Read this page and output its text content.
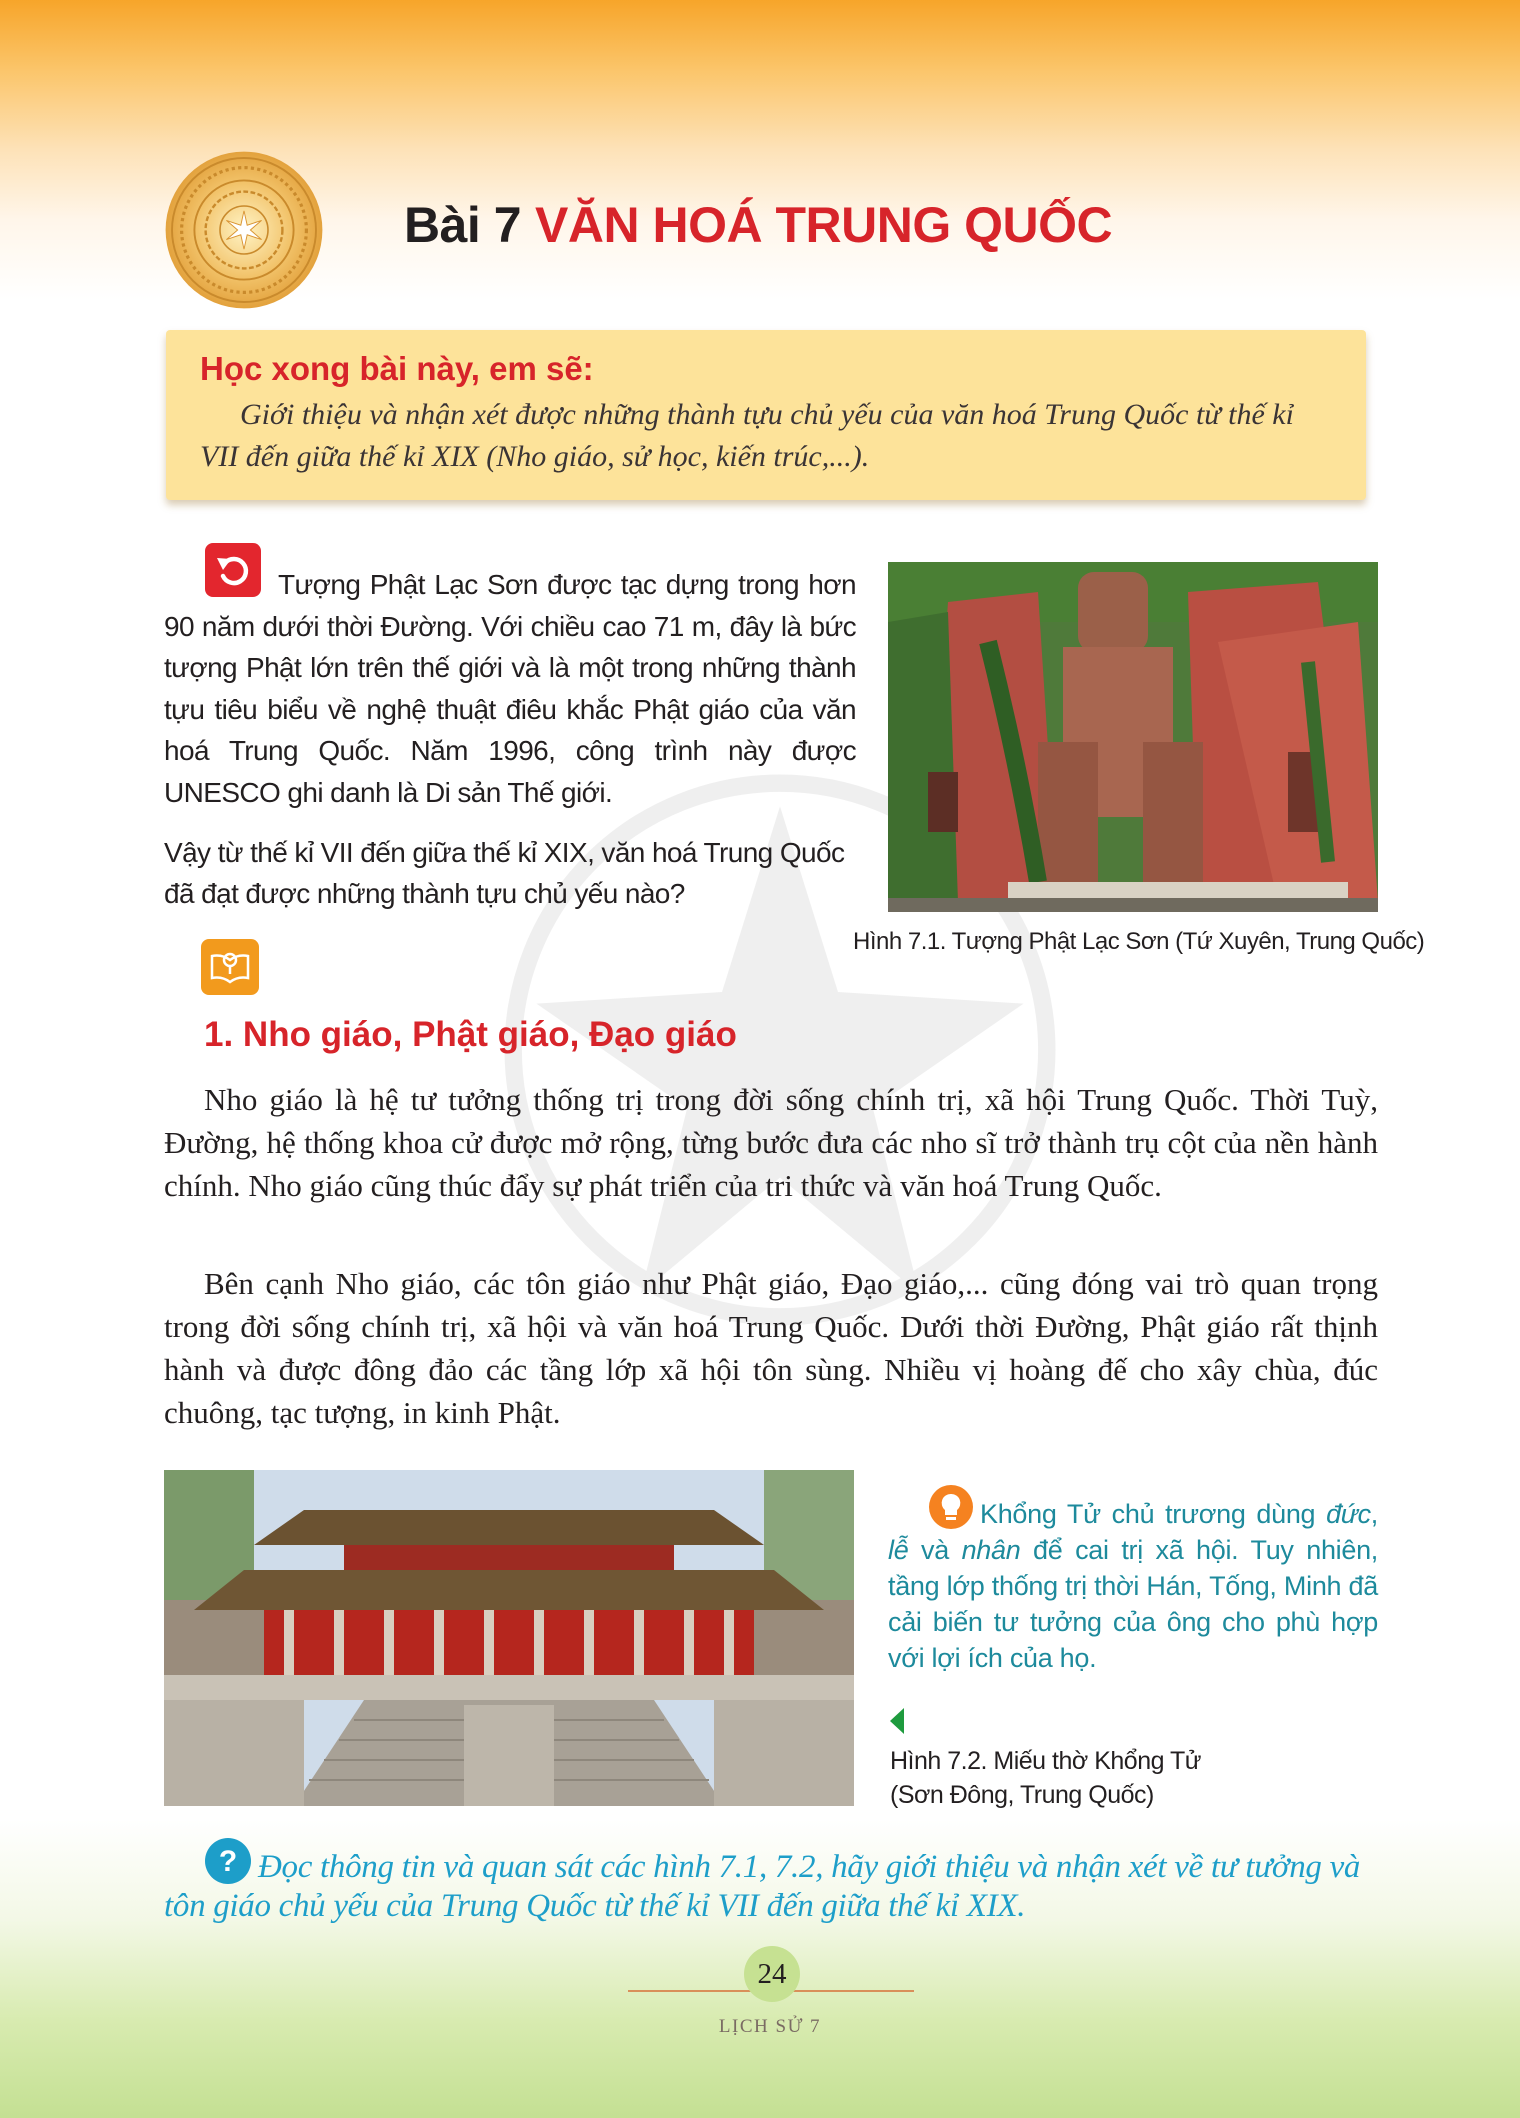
Bài 7 VĂN HOÁ TRUNG QUỐC
Học xong bài này, em sẽ:
Giới thiệu và nhận xét được những thành tựu chủ yếu của văn hoá Trung Quốc từ thế kỉ VII đến giữa thế kỉ XIX (Nho giáo, sử học, kiến trúc,...).
Tượng Phật Lạc Sơn được tạc dựng trong hơn 90 năm dưới thời Đường. Với chiều cao 71 m, đây là bức tượng Phật lớn trên thế giới và là một trong những thành tựu tiêu biểu về nghệ thuật điêu khắc Phật giáo của văn hoá Trung Quốc. Năm 1996, công trình này được UNESCO ghi danh là Di sản Thế giới.
Vậy từ thế kỉ VII đến giữa thế kỉ XIX, văn hoá Trung Quốc đã đạt được những thành tựu chủ yếu nào?
Hình 7.1. Tượng Phật Lạc Sơn (Tứ Xuyên, Trung Quốc)
1. Nho giáo, Phật giáo, Đạo giáo
Nho giáo là hệ tư tưởng thống trị trong đời sống chính trị, xã hội Trung Quốc. Thời Tuỳ, Đường, hệ thống khoa cử được mở rộng, từng bước đưa các nho sĩ trở thành trụ cột của nền hành chính. Nho giáo cũng thúc đẩy sự phát triển của tri thức và văn hoá Trung Quốc.
Bên cạnh Nho giáo, các tôn giáo như Phật giáo, Đạo giáo,... cũng đóng vai trò quan trọng trong đời sống chính trị, xã hội và văn hoá Trung Quốc. Dưới thời Đường, Phật giáo rất thịnh hành và được đông đảo các tầng lớp xã hội tôn sùng. Nhiều vị hoàng đế cho xây chùa, đúc chuông, tạc tượng, in kinh Phật.
Khổng Tử chủ trương dùng đức, lễ và nhân để cai trị xã hội. Tuy nhiên, tầng lớp thống trị thời Hán, Tống, Minh đã cải biến tư tưởng của ông cho phù hợp với lợi ích của họ.
Hình 7.2. Miếu thờ Khổng Tử
(Sơn Đông, Trung Quốc)
? Đọc thông tin và quan sát các hình 7.1, 7.2, hãy giới thiệu và nhận xét về tư tưởng và tôn giáo chủ yếu của Trung Quốc từ thế kỉ VII đến giữa thế kỉ XIX.
24
LỊCH SỬ 7
